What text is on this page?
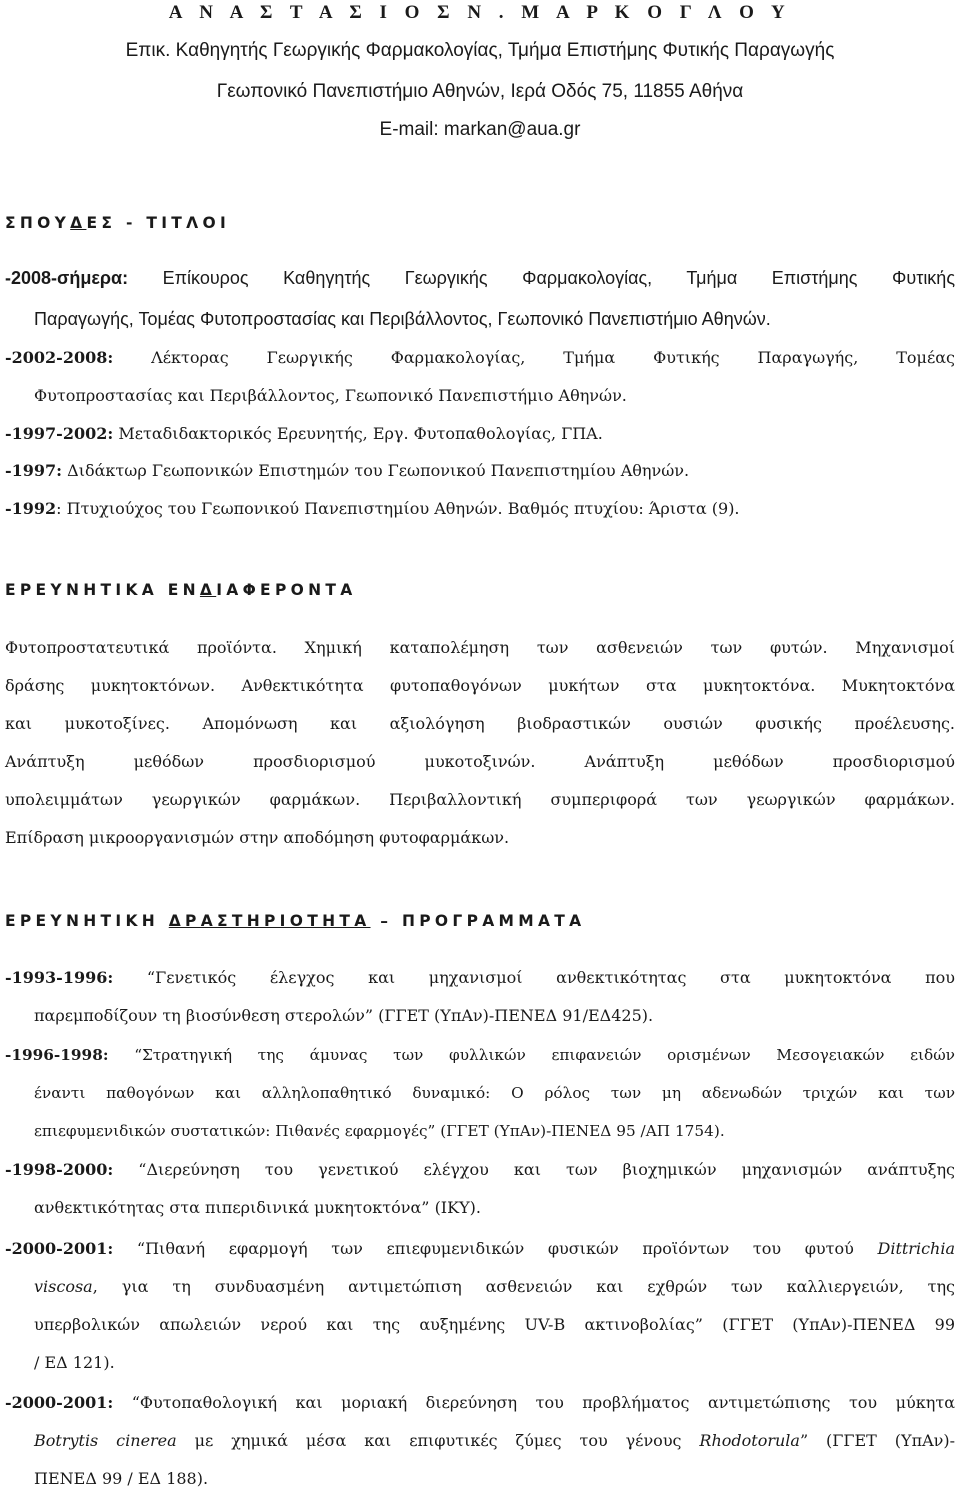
Α Ν Α Σ Τ Α Σ Ι Ο Σ Ν . Μ Α Ρ Κ Ο Γ Λ Ο Υ
Επικ. Καθηγητής Γεωργικής Φαρμακολογίας, Τμήμα Επιστήμης Φυτικής Παραγωγής
Γεωπονικό Πανεπιστήμιο Αθηνών, Ιερά Οδός 75, 11855 Αθήνα
E-mail: markan@aua.gr
ΣΠΟΥΔΕΣ - ΤΙΤΛΟΙ
-2008-σήμερα: Επίκουρος Καθηγητής Γεωργικής Φαρμακολογίας, Τμήμα Επιστήμης Φυτικής
Παραγωγής, Τομέας Φυτοπροστασίας και Περιβάλλοντος, Γεωπονικό Πανεπιστήμιο Αθηνών.
-2002-2008: Λέκτορας Γεωργικής Φαρμακολογίας, Τμήμα Φυτικής Παραγωγής, Τομέας
Φυτοπροστασίας και Περιβάλλοντος, Γεωπονικό Πανεπιστήμιο Αθηνών.
-1997-2002: Μεταδιδακτορικός Ερευνητής, Εργ. Φυτοπαθολογίας, ΓΠΑ.
-1997: Διδάκτωρ Γεωπονικών Επιστημών του Γεωπονικού Πανεπιστημίου Αθηνών.
-1992: Πτυχιούχος του Γεωπονικού Πανεπιστημίου Αθηνών. Βαθμός πτυχίου: Άριστα (9).
ΕΡΕΥΝΗΤΙΚΑ ΕΝΔΙΑΦΕΡΟΝΤΑ
Φυτοπροστατευτικά προϊόντα. Χημική καταπολέμηση των ασθενειών των φυτών. Μηχανισμοί
δράσης μυκητοκτόνων. Ανθεκτικότητα φυτοπαθογόνων μυκήτων στα μυκητοκτόνα. Μυκητοκτόνα
και μυκοτοξίνες. Απομόνωση και αξιολόγηση βιοδραστικών ουσιών φυσικής προέλευσης.
Ανάπτυξη μεθόδων προσδιορισμού μυκοτοξινών. Ανάπτυξη μεθόδων προσδιορισμού
υπολειμμάτων γεωργικών φαρμάκων. Περιβαλλοντική συμπεριφορά των γεωργικών φαρμάκων.
Επίδραση μικροοργανισμών στην αποδόμηση φυτοφαρμάκων.
ΕΡΕΥΝΗΤΙΚΗ ΔΡΑΣΤΗΡΙΟΤΗΤΑ – ΠΡΟΓΡΑΜΜΑΤΑ
-1993-1996: “Γενετικός έλεγχος και μηχανισμοί ανθεκτικότητας στα μυκητοκτόνα που
παρεμποδίζουν τη βιοσύνθεση στερολών” (ΓΓΕΤ (ΥπΑν)-ΠΕΝΕΔ 91/ΕΔ425).
-1996-1998: “Στρατηγική της άμυνας των φυλλικών επιφανειών ορισμένων Μεσογειακών ειδών
έναντι παθογόνων και αλληλοπαθητικό δυναμικό: Ο ρόλος των μη αδενωδών τριχών και των
επιεφυμενιδικών συστατικών: Πιθανές εφαρμογές” (ΓΓΕΤ (ΥπΑν)-ΠΕΝΕΔ 95 /ΑΠ 1754).
-1998-2000: “Διερεύνηση του γενετικού ελέγχου και των βιοχημικών μηχανισμών ανάπτυξης
ανθεκτικότητας στα πιπεριδινικά μυκητοκτόνα” (ΙΚΥ).
-2000-2001: “Πιθανή εφαρμογή των επιεφυμενιδικών φυσικών προϊόντων του φυτού Dittrichia
viscosa, για τη συνδυασμένη αντιμετώπιση ασθενειών και εχθρών των καλλιεργειών, της
υπερβολικών απωλειών νερού και της αυξημένης UV-B ακτινοβολίας” (ΓΓΕΤ (ΥπΑν)-ΠΕΝΕΔ 99
/ ΕΔ 121).
-2000-2001: “Φυτοπαθολογική και μοριακή διερεύνηση του προβλήματος αντιμετώπισης του μύκητα
Botrytis cinerea με χημικά μέσα και επιφυτικές ζύμες του γένους Rhodotorula” (ΓΓΕΤ (ΥπΑν)-
ΠΕΝΕΔ 99 / ΕΔ 188).
